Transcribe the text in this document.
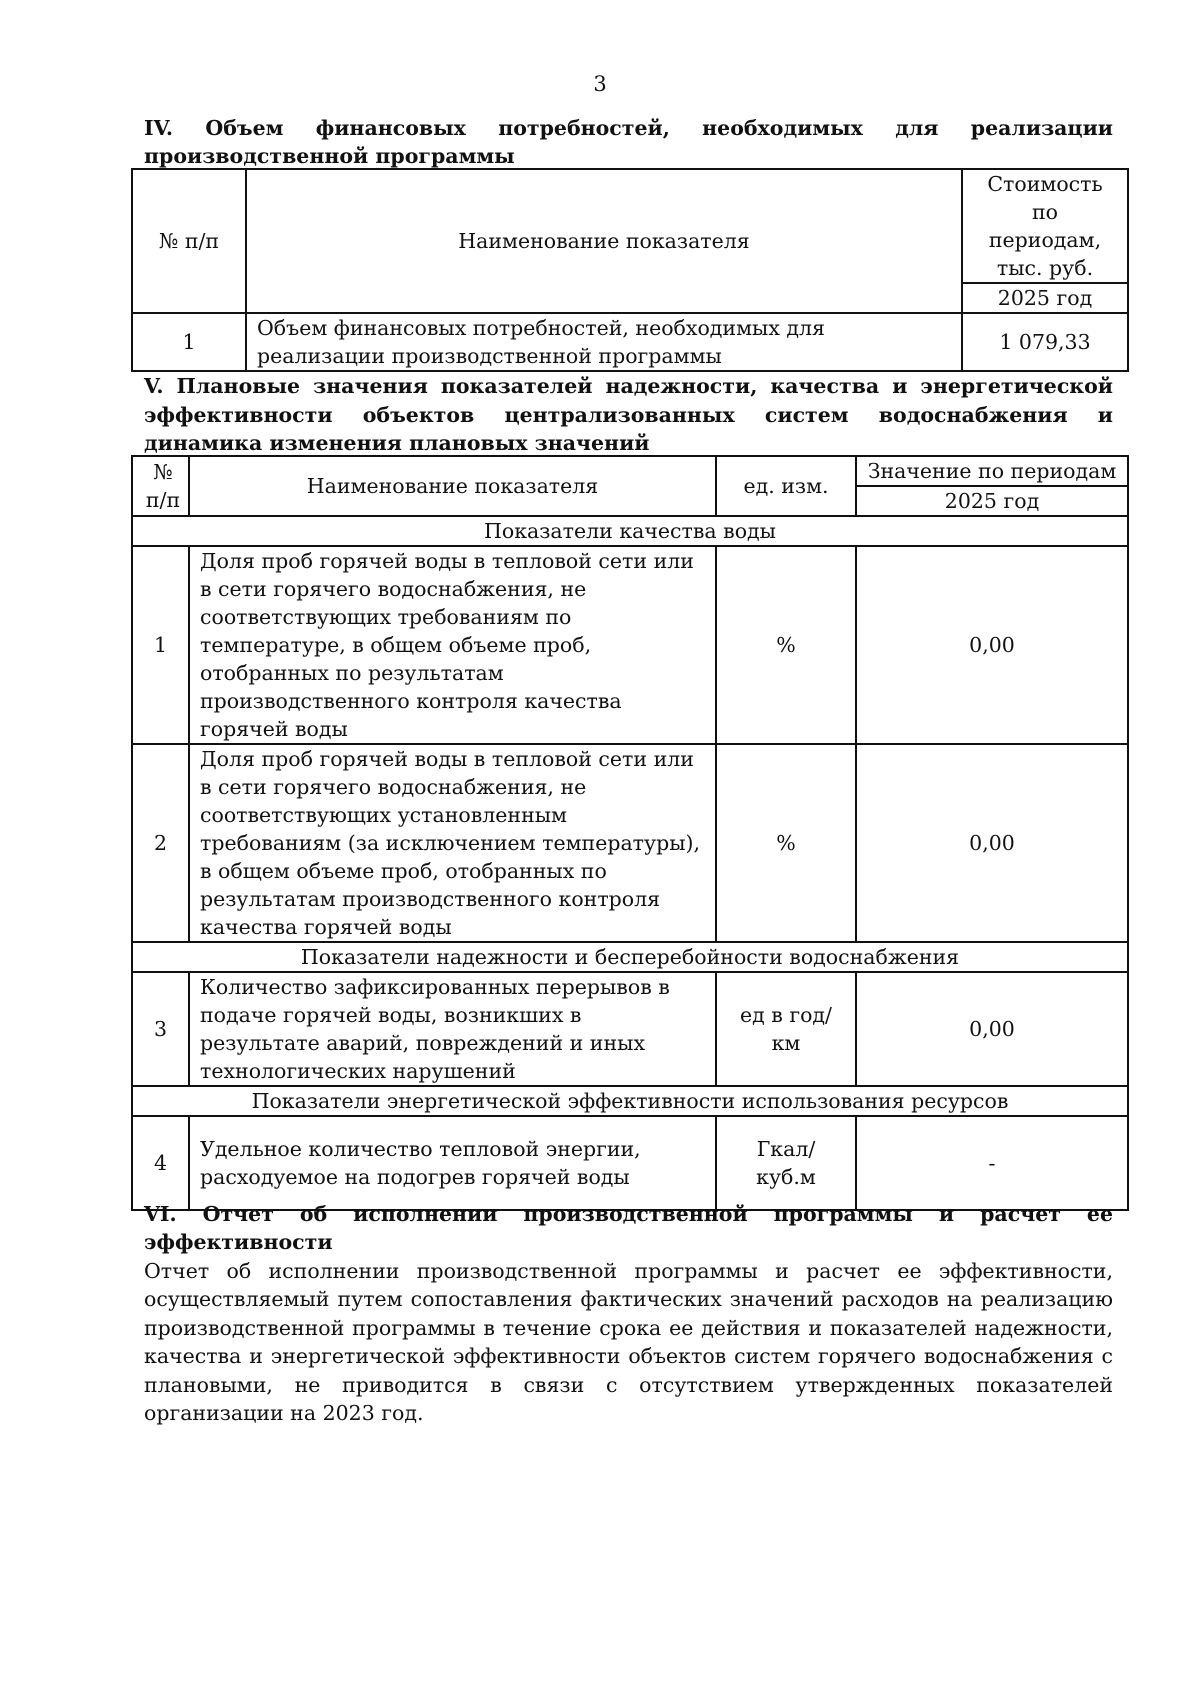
3
IV. Объем финансовых потребностей, необходимых для реализации производственной программы
№ п/п	Наименование показателя	Стоимость по периодам, тыс. руб.
		2025 год
1	Объем финансовых потребностей, необходимых для реализации производственной программы	1 079,33
V. Плановые значения показателей надежности, качества и энергетической эффективности объектов централизованных систем водоснабжения и динамика изменения плановых значений
№ п/п	Наименование показателя	ед. изм.	Значение по периодам
			2025 год
Показатели качества воды			
1	Доля проб горячей воды в тепловой сети или в сети горячего водоснабжения, не соответствующих требованиям по температуре, в общем объеме проб, отобранных по результатам производственного контроля качества горячей воды	%	0,00
2	Доля проб горячей воды в тепловой сети или в сети горячего водоснабжения, не соответствующих установленным требованиям (за исключением температуры), в общем объеме проб, отобранных по результатам производственного контроля качества горячей воды	%	0,00
Показатели надежности и бесперебойности водоснабжения			
3	Количество зафиксированных перерывов в подаче горячей воды, возникших в результате аварий, повреждений и иных технологических нарушений	ед в год/ км	0,00
Показатели энергетической эффективности использования ресурсов			
4	Удельное количество тепловой энергии, расходуемое на подогрев горячей воды	Гкал/куб.м	-
VI. Отчет об исполнении производственной программы и расчет ее эффективности
Отчет об исполнении производственной программы и расчет ее эффективности, осуществляемый путем сопоставления фактических значений расходов на реализацию производственной программы в течение срока ее действия и показателей надежности, качества и энергетической эффективности объектов систем горячего водоснабжения с плановыми, не приводится в связи с отсутствием утвержденных показателей организации на 2023 год.
